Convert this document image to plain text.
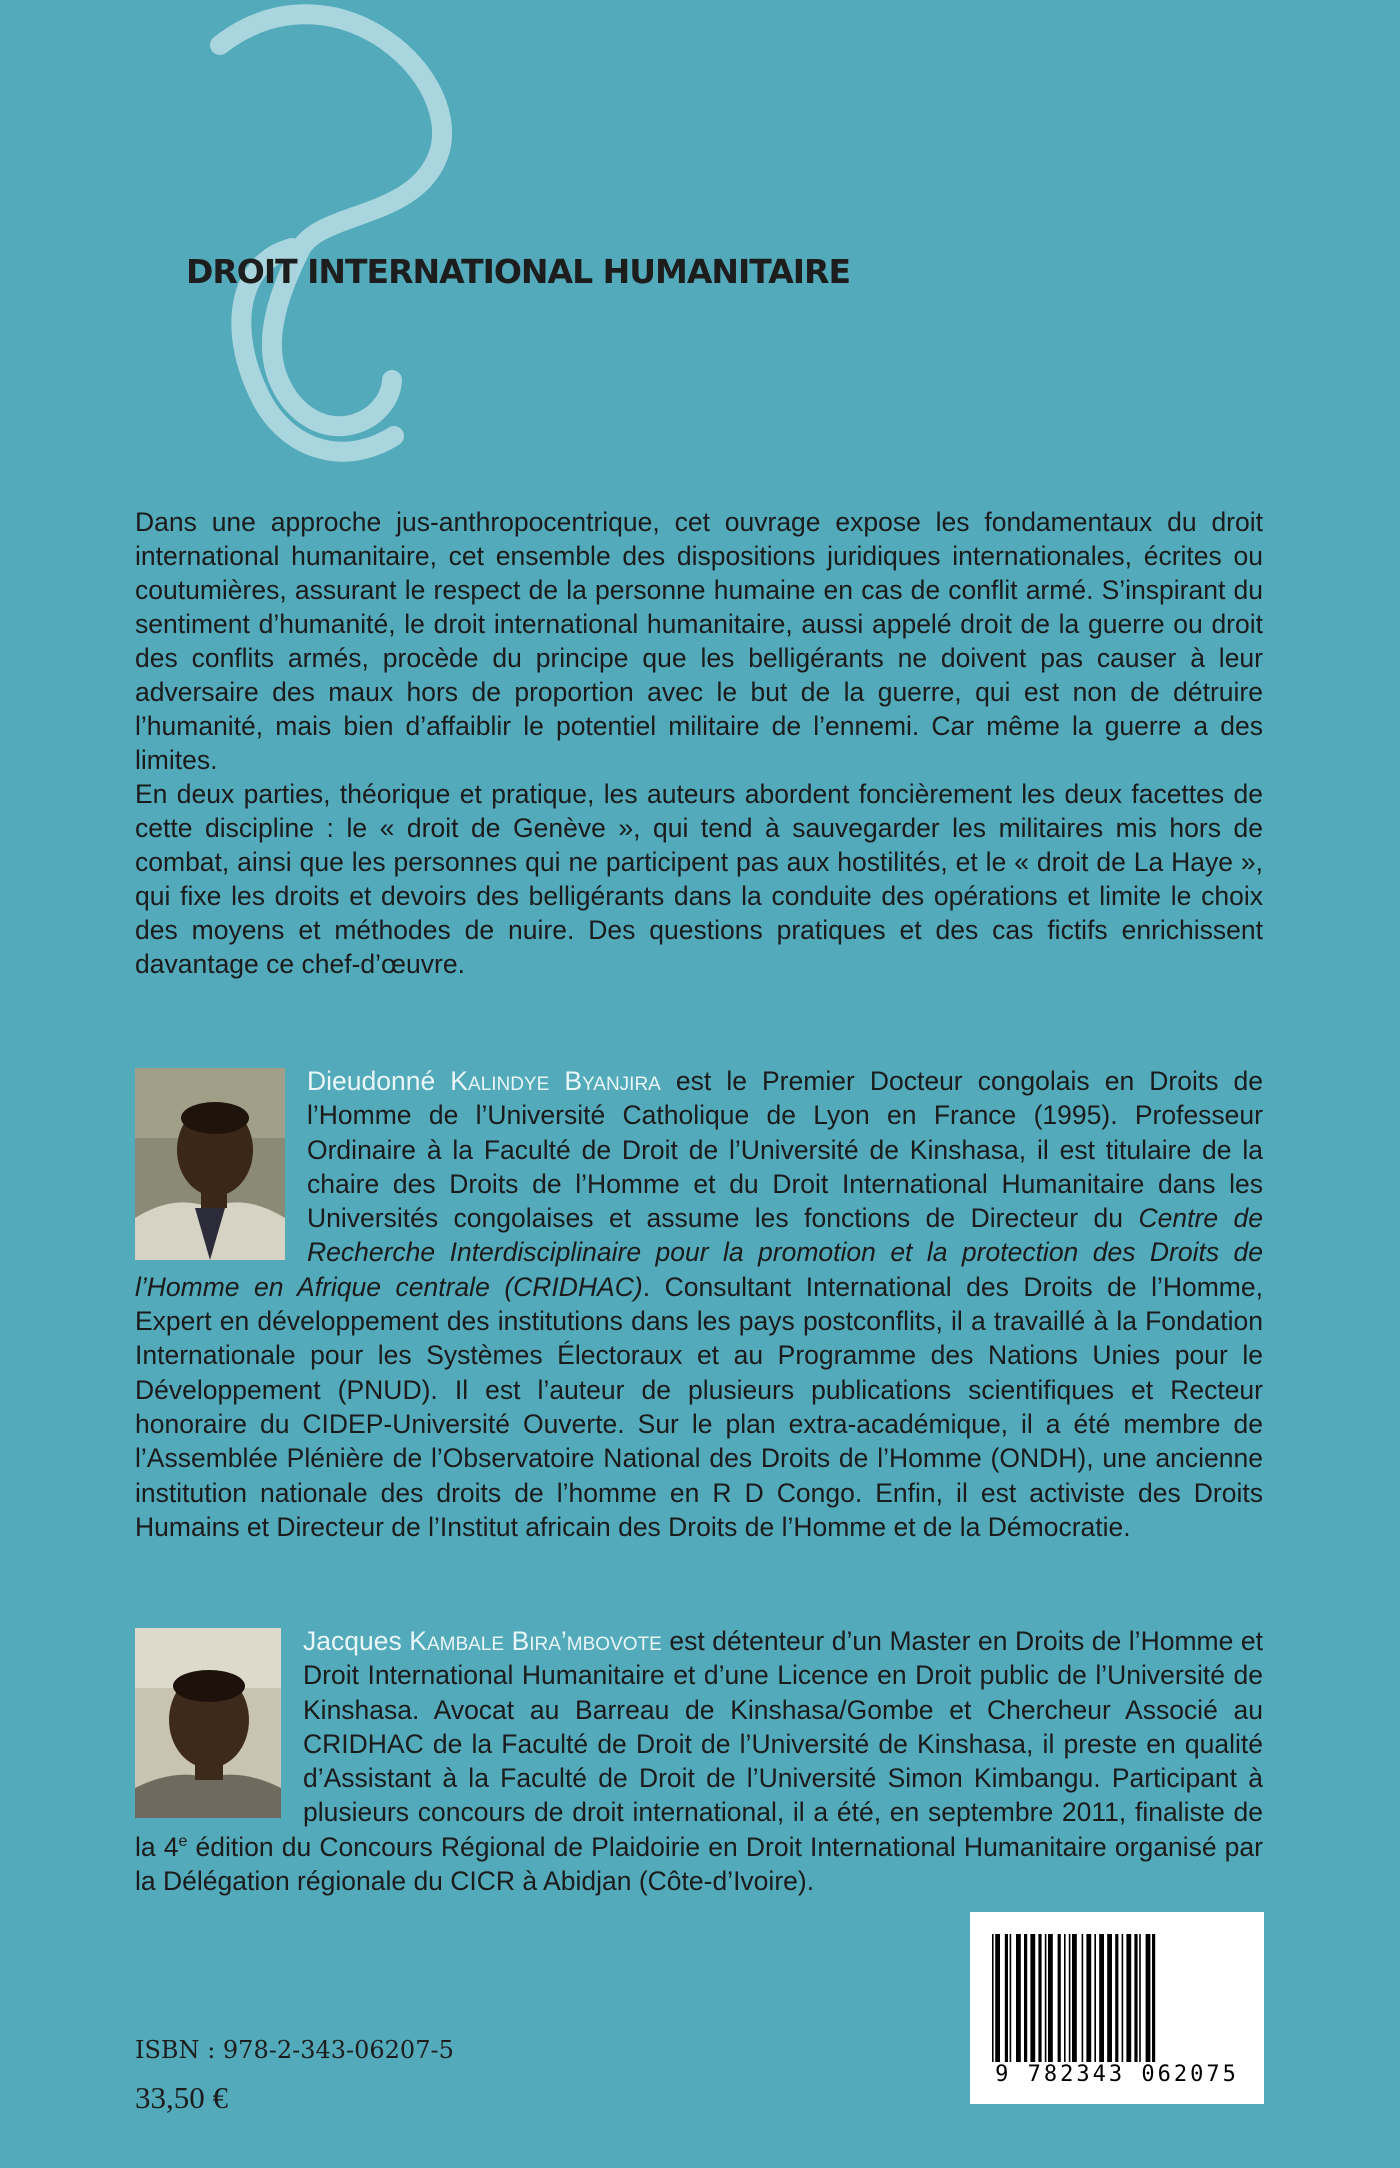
DROIT INTERNATIONAL HUMANITAIRE

Dans une approche jus-anthropocentrique, cet ouvrage expose les fondamentaux du droit international humanitaire, cet ensemble des dispositions juridiques internationales, écrites ou coutumières, assurant le respect de la personne humaine en cas de conflit armé. S’inspirant du sentiment d’humanité, le droit international humanitaire, aussi appelé droit de la guerre ou droit des conflits armés, procède du principe que les belligérants ne doivent pas causer à leur adversaire des maux hors de proportion avec le but de la guerre, qui est non de détruire l’humanité, mais bien d’affaiblir le potentiel militaire de l’ennemi. Car même la guerre a des limites.

En deux parties, théorique et pratique, les auteurs abordent foncièrement les deux facettes de cette discipline : le « droit de Genève », qui tend à sauvegarder les militaires mis hors de combat, ainsi que les personnes qui ne participent pas aux hostilités, et le « droit de La Haye », qui fixe les droits et devoirs des belligérants dans la conduite des opérations et limite le choix des moyens et méthodes de nuire. Des questions pratiques et des cas fictifs enrichissent davantage ce chef-d’œuvre.

Dieudonné Kalindye Byanjira est le Premier Docteur congolais en Droits de l’Homme de l’Université Catholique de Lyon en France (1995). Professeur Ordinaire à la Faculté de Droit de l’Université de Kinshasa, il est titulaire de la chaire des Droits de l’Homme et du Droit International Humanitaire dans les Universités congolaises et assume les fonctions de Directeur du Centre de Recherche Interdisciplinaire pour la promotion et la protection des Droits de l’Homme en Afrique centrale (CRIDHAC). Consultant International des Droits de l’Homme, Expert en développement des institutions dans les pays postconflits, il a travaillé à la Fondation Internationale pour les Systèmes Électoraux et au Programme des Nations Unies pour le Développement (PNUD). Il est l’auteur de plusieurs publications scientifiques et Recteur honoraire du CIDEP-Université Ouverte. Sur le plan extra-académique, il a été membre de l’Assemblée Plénière de l’Observatoire National des Droits de l’Homme (ONDH), une ancienne institution nationale des droits de l’homme en R D Congo. Enfin, il est activiste des Droits Humains et Directeur de l’Institut africain des Droits de l’Homme et de la Démocratie.

Jacques Kambale Bira’mbovote est détenteur d’un Master en Droits de l’Homme et Droit International Humanitaire et d’une Licence en Droit public de l’Université de Kinshasa. Avocat au Barreau de Kinshasa/Gombe et Chercheur Associé au CRIDHAC de la Faculté de Droit de l’Université de Kinshasa, il preste en qualité d’Assistant à la Faculté de Droit de l’Université Simon Kimbangu. Participant à plusieurs concours de droit international, il a été, en septembre 2011, finaliste de la 4e édition du Concours Régional de Plaidoirie en Droit International Humanitaire organisé par la Délégation régionale du CICR à Abidjan (Côte-d’Ivoire).

9 782343 062075
ISBN : 978-2-343-06207-5
33,50 €
